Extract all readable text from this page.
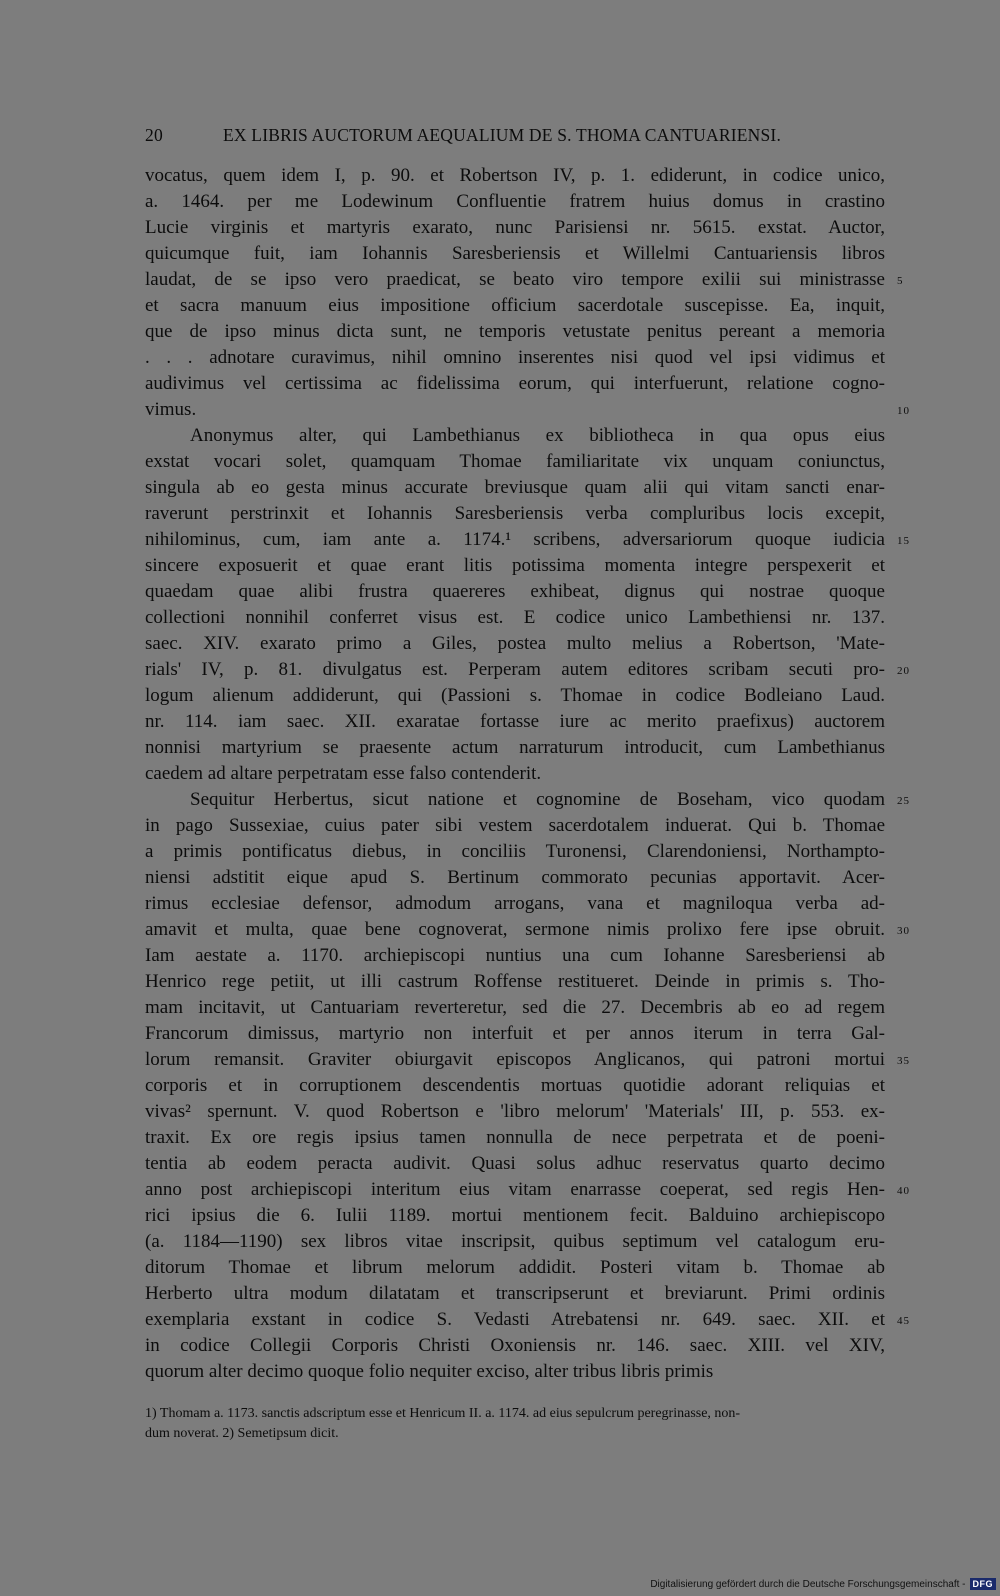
20	EX LIBRIS AUCTORUM AEQUALIUM DE S. THOMA CANTUARIENSI.
vocatus, quem idem I, p. 90. et Robertson IV, p. 1. ediderunt, in codice unico,
a. 1464. per me Lodewinum Confluentie fratrem huius domus in crastino
Lucie virginis et martyris exarato, nunc Parisiensi nr. 5615. exstat. Auctor,
quicumque fuit, iam Iohannis Saresberiensis et Willelmi Cantuariensis libros
laudat, de se ipso vero praedicat, se beato viro tempore exilii sui ministrasse 5
et sacra manuum eius impositione officium sacerdotale suscepisse. Ea, inquit,
que de ipso minus dicta sunt, ne temporis vetustate penitus pereant a memoria
. . . adnotare curavimus, nihil omnino inserentes nisi quod vel ipsi vidimus et
audivimus vel certissima ac fidelissima eorum, qui interfuerunt, relatione cogno-
vimus.	10
Anonymus alter, qui Lambethianus ex bibliotheca in qua opus eius
exstat vocari solet, quamquam Thomae familiaritate vix unquam coniunctus,
singula ab eo gesta minus accurate breviusque quam alii qui vitam sancti enar-
raverunt perstrinxit et Iohannis Saresberiensis verba compluribus locis excepit,
nihilominus, cum, iam ante a. 1174.¹ scribens, adversariorum quoque iudicia 15
sincere exposuerit et quae erant litis potissima momenta integre perspexerit et
quaedam quae alibi frustra quaereres exhibeat, dignus qui nostrae quoque
collectioni nonnihil conferret visus est. E codice unico Lambethiensi nr. 137.
saec. XIV. exarato primo a Giles, postea multo melius a Robertson, 'Mate-
rials' IV, p. 81. divulgatus est. Perperam autem editores scribam secuti pro- 20
logum alienum addiderunt, qui (Passioni s. Thomae in codice Bodleiano Laud.
nr. 114. iam saec. XII. exaratae fortasse iure ac merito praefixus) auctorem
nonnisi martyrium se praesente actum narraturum introducit, cum Lambethianus
caedem ad altare perpetratam esse falso contenderit.
Sequitur Herbertus, sicut natione et cognomine de Boseham, vico quodam 25
in pago Sussexiae, cuius pater sibi vestem sacerdotalem induerat. Qui b. Thomae
a primis pontificatus diebus, in conciliis Turonensi, Clarendoniensi, Northampto-
niensi adstitit eique apud S. Bertinum commorato pecunias apportavit. Acer-
rimus ecclesiae defensor, admodum arrogans, vana et magniloqua verba ad-
amavit et multa, quae bene cognoverat, sermone nimis prolixo fere ipse obruit. 30
Iam aestate a. 1170. archiepiscopi nuntius una cum Iohanne Saresberiensi ab
Henrico rege petiit, ut illi castrum Roffense restitueret. Deinde in primis s. Tho-
mam incitavit, ut Cantuariam reverteretur, sed die 27. Decembris ab eo ad regem
Francorum dimissus, martyrio non interfuit et per annos iterum in terra Gal-
lorum remansit. Graviter obiurgavit episcopos Anglicanos, qui patroni mortui 35
corporis et in corruptionem descendentis mortuas quotidie adorant reliquias et
vivas² spernunt. V. quod Robertson e 'libro melorum' 'Materials' III, p. 553. ex-
traxit. Ex ore regis ipsius tamen nonnulla de nece perpetrata et de poeni-
tentia ab eodem peracta audivit. Quasi solus adhuc reservatus quarto decimo
anno post archiepiscopi interitum eius vitam enarrasse coeperat, sed regis Hen- 40
rici ipsius die 6. Iulii 1189. mortui mentionem fecit. Balduino archiepiscopo
(a. 1184—1190) sex libros vitae inscripsit, quibus septimum vel catalogum eru-
ditorum Thomae et librum melorum addidit. Posteri vitam b. Thomae ab
Herberto ultra modum dilatatam et transcripserunt et breviarunt. Primi ordinis
exemplaria exstant in codice S. Vedasti Atrebatensi nr. 649. saec. XII. et 45
in codice Collegii Corporis Christi Oxoniensis nr. 146. saec. XIII. vel XIV,
quorum alter decimo quoque folio nequiter exciso, alter tribus libris primis
1) Thomam a. 1173. sanctis adscriptum esse et Henricum II. a. 1174. ad eius sepulcrum peregrinasse, non-
dum noverat. 2) Semetipsum dicit.
Digitalisierung gefördert durch die Deutsche Forschungsgemeinschaft - DFG
